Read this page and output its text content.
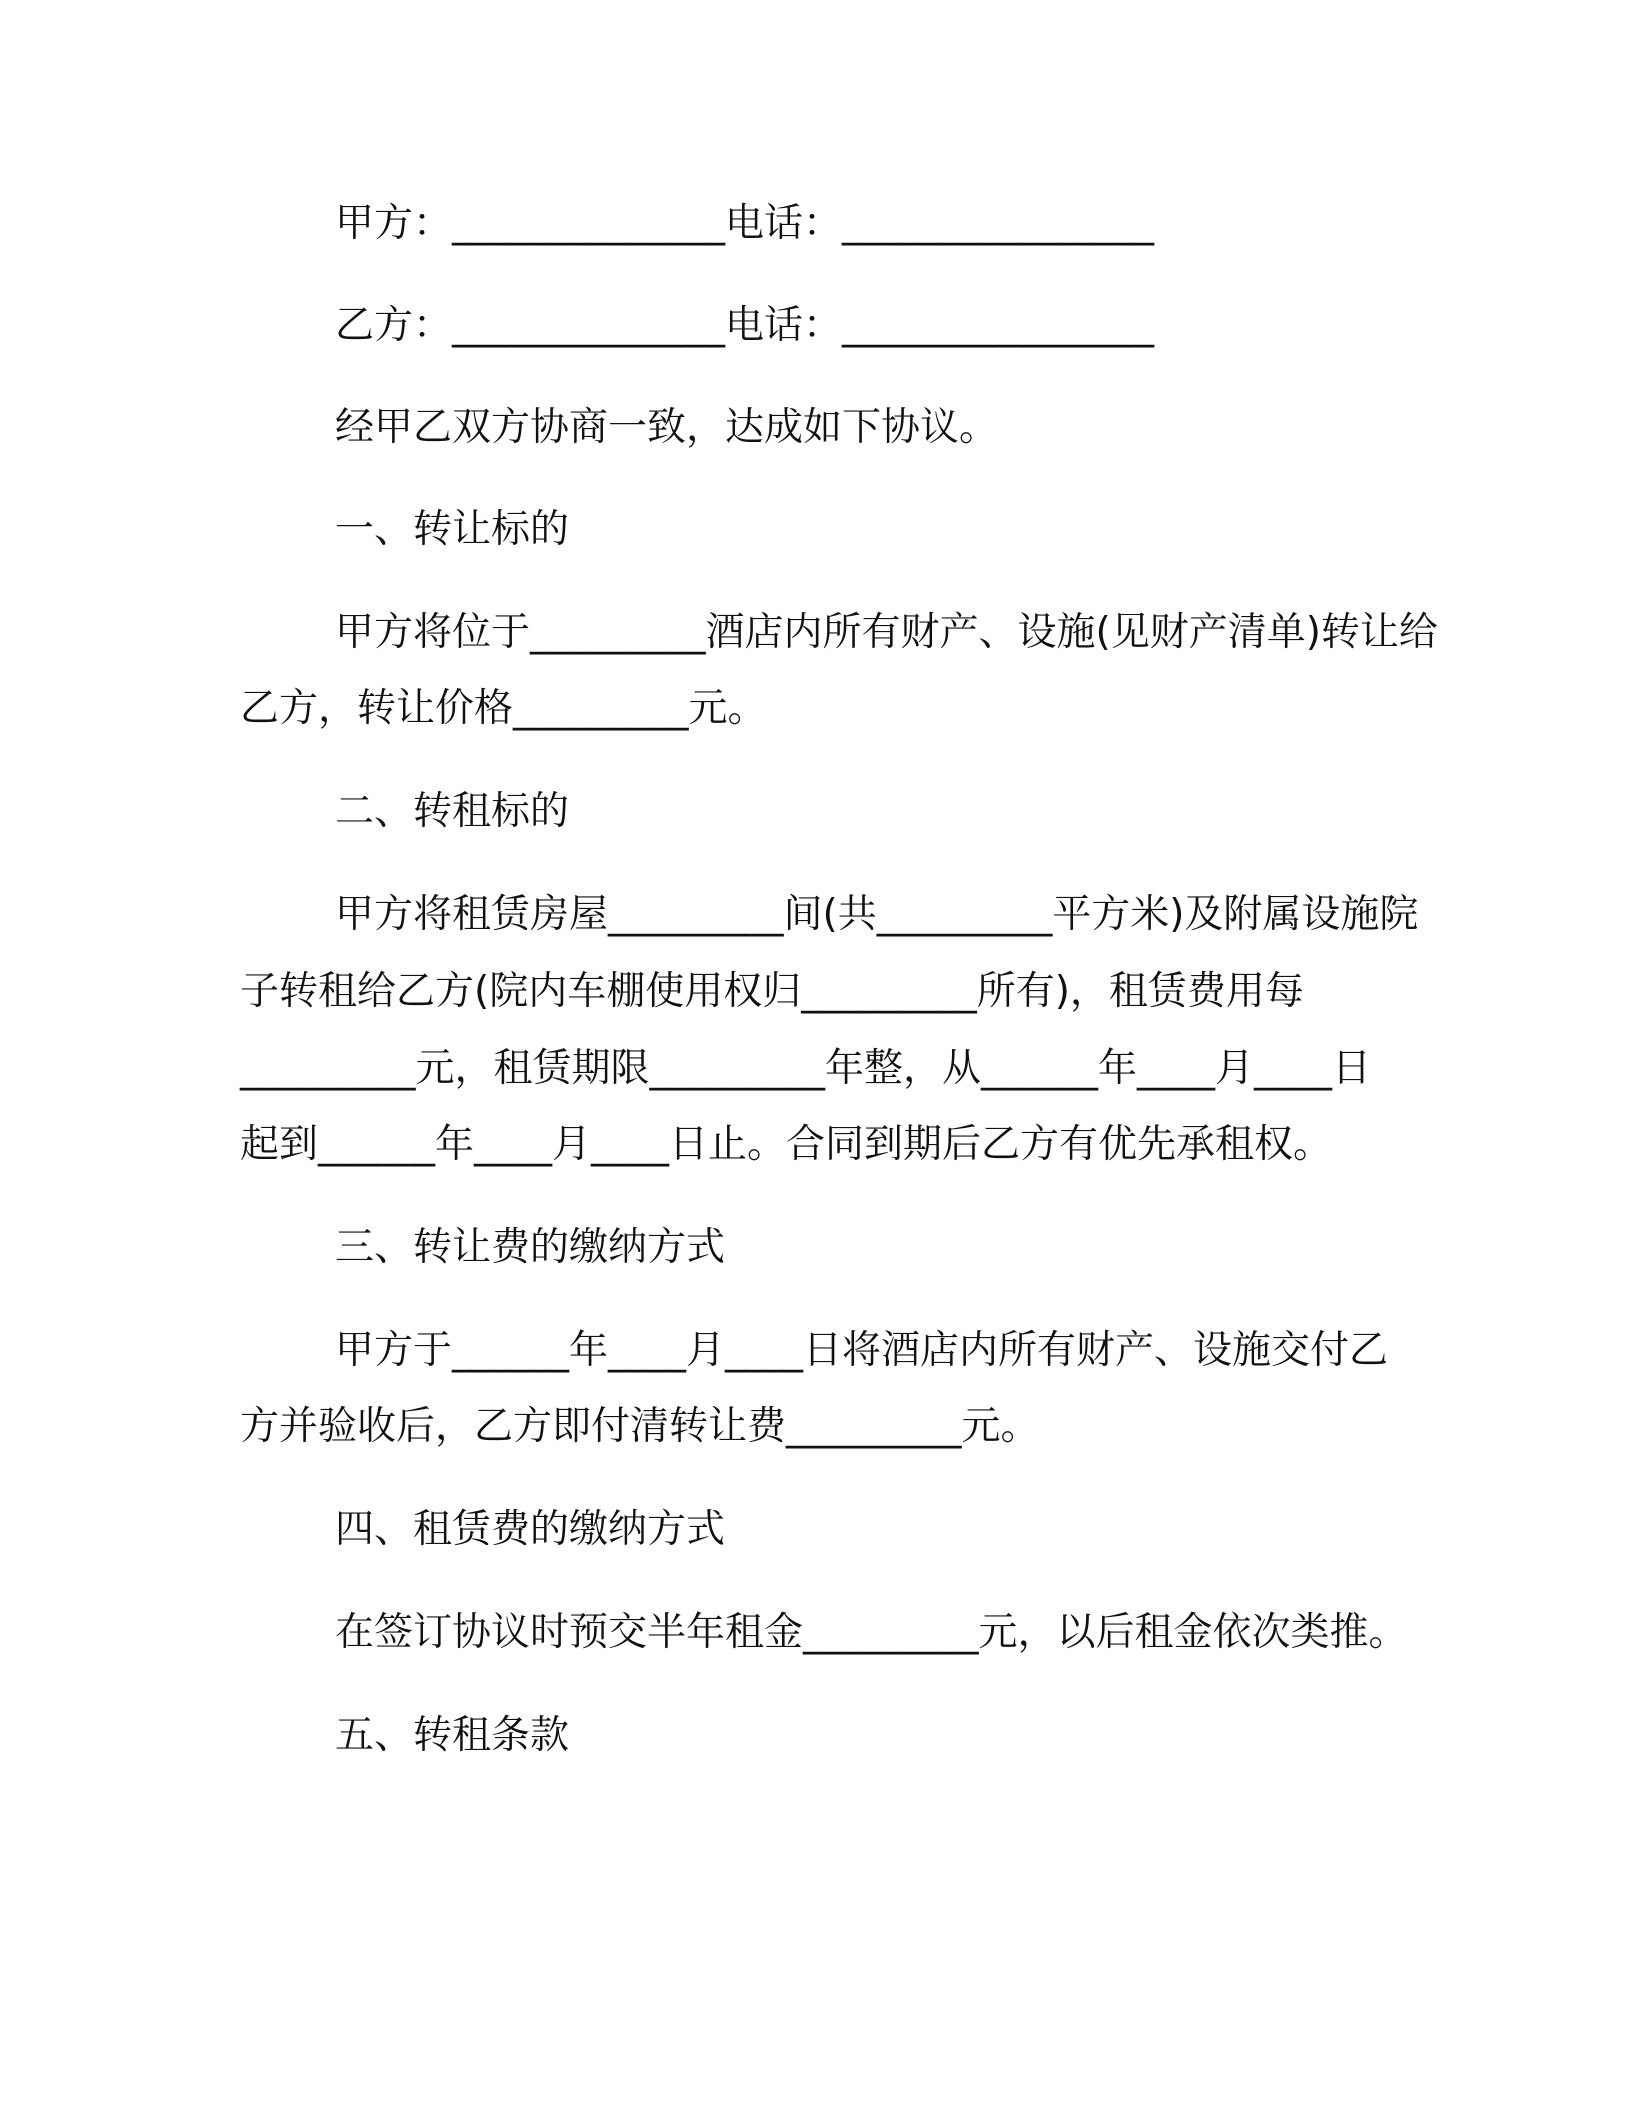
甲方：______________电话：________________
乙方：______________电话：________________
经甲乙双方协商一致，达成如下协议。
一、转让标的
甲方将位于_________酒店内所有财产、设施(见财产清单)转让给
乙方，转让价格_________元。
二、转租标的
甲方将租赁房屋_________间(共_________平方米)及附属设施院
子转租给乙方(院内车棚使用权归_________所有)，租赁费用每
_________元，租赁期限_________年整，从______年____月____日
起到______年____月____日止。合同到期后乙方有优先承租权。
三、转让费的缴纳方式
甲方于______年____月____日将酒店内所有财产、设施交付乙
方并验收后，乙方即付清转让费_________元。
四、租赁费的缴纳方式
在签订协议时预交半年租金_________元，以后租金依次类推。
五、转租条款
